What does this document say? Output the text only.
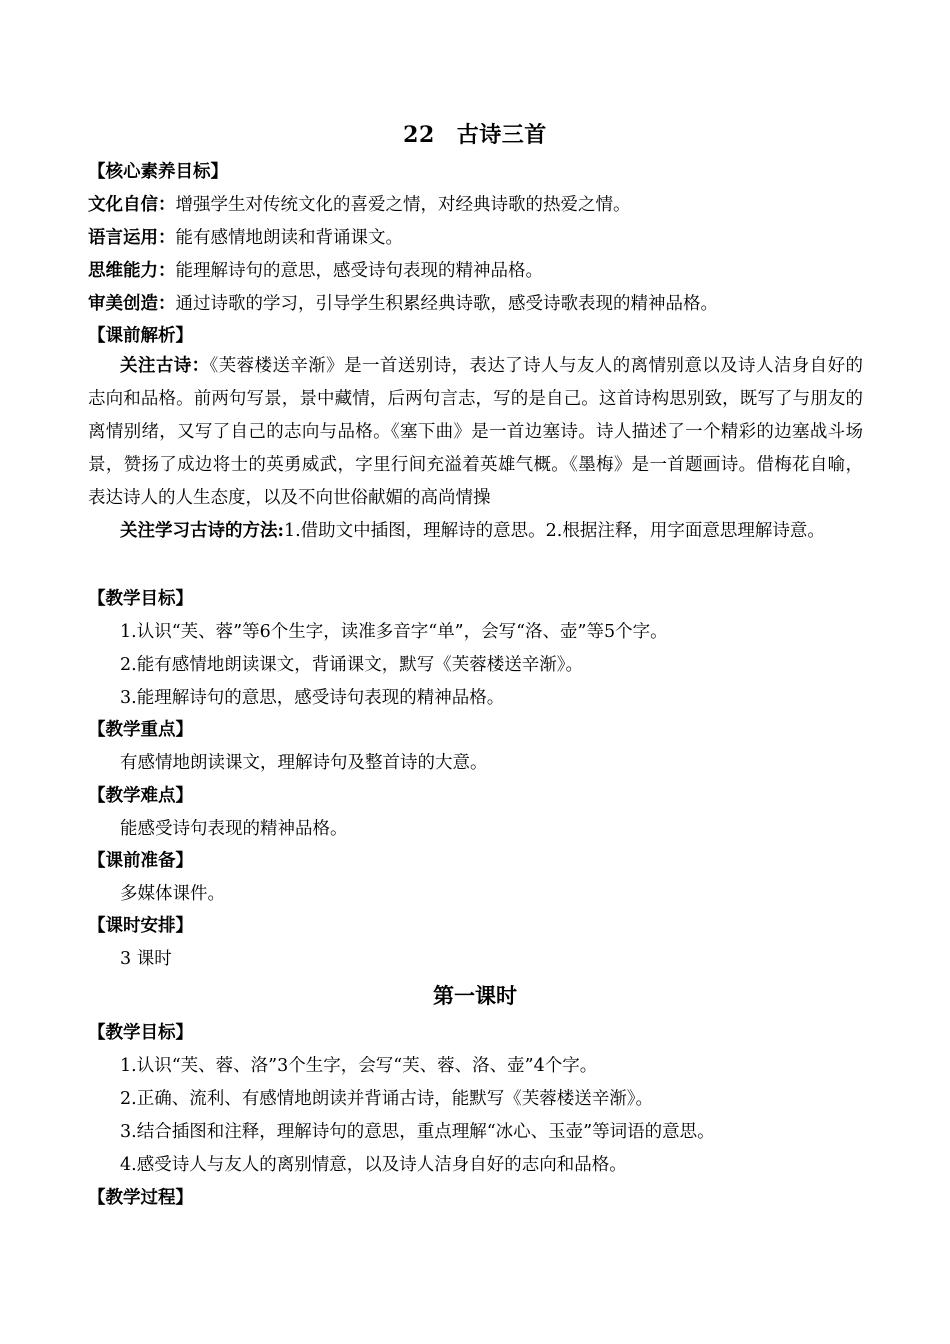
22 古诗三首
【核心素养目标】
文化自信：增强学生对传统文化的喜爱之情，对经典诗歌的热爱之情。
语言运用：能有感情地朗读和背诵课文。
思维能力：能理解诗句的意思，感受诗句表现的精神品格。
审美创造：通过诗歌的学习，引导学生积累经典诗歌，感受诗歌表现的精神品格。
【课前解析】
关注古诗：《芙蓉楼送辛渐》是一首送别诗，表达了诗人与友人的离情别意以及诗人洁身自好的志向和品格。前两句写景，景中藏情，后两句言志，写的是自己。这首诗构思别致，既写了与朋友的离情别绪，又写了自己的志向与品格。《塞下曲》是一首边塞诗。诗人描述了一个精彩的边塞战斗场景，赞扬了成边将士的英勇威武，字里行间充溢着英雄气概。《墨梅》是一首题画诗。借梅花自喻，表达诗人的人生态度，以及不向世俗献媚的高尚情操
关注学习古诗的方法:1.借助文中插图，理解诗的意思。2.根据注释，用字面意思理解诗意。
【教学目标】
1.认识“芙、蓉”等6个生字，读准多音字“单”，会写“洛、壶”等5个字。
2.能有感情地朗读课文，背诵课文，默写《芙蓉楼送辛渐》。
3.能理解诗句的意思，感受诗句表现的精神品格。
【教学重点】
有感情地朗读课文，理解诗句及整首诗的大意。
【教学难点】
能感受诗句表现的精神品格。
【课前准备】
多媒体课件。
【课时安排】
3 课时
第一课时
【教学目标】
1.认识“芙、蓉、洛”3个生字，会写“芙、蓉、洛、壶”4个字。
2.正确、流利、有感情地朗读并背诵古诗，能默写《芙蓉楼送辛渐》。
3.结合插图和注释，理解诗句的意思，重点理解“冰心、玉壶”等词语的意思。
4.感受诗人与友人的离别情意，以及诗人洁身自好的志向和品格。
【教学过程】
